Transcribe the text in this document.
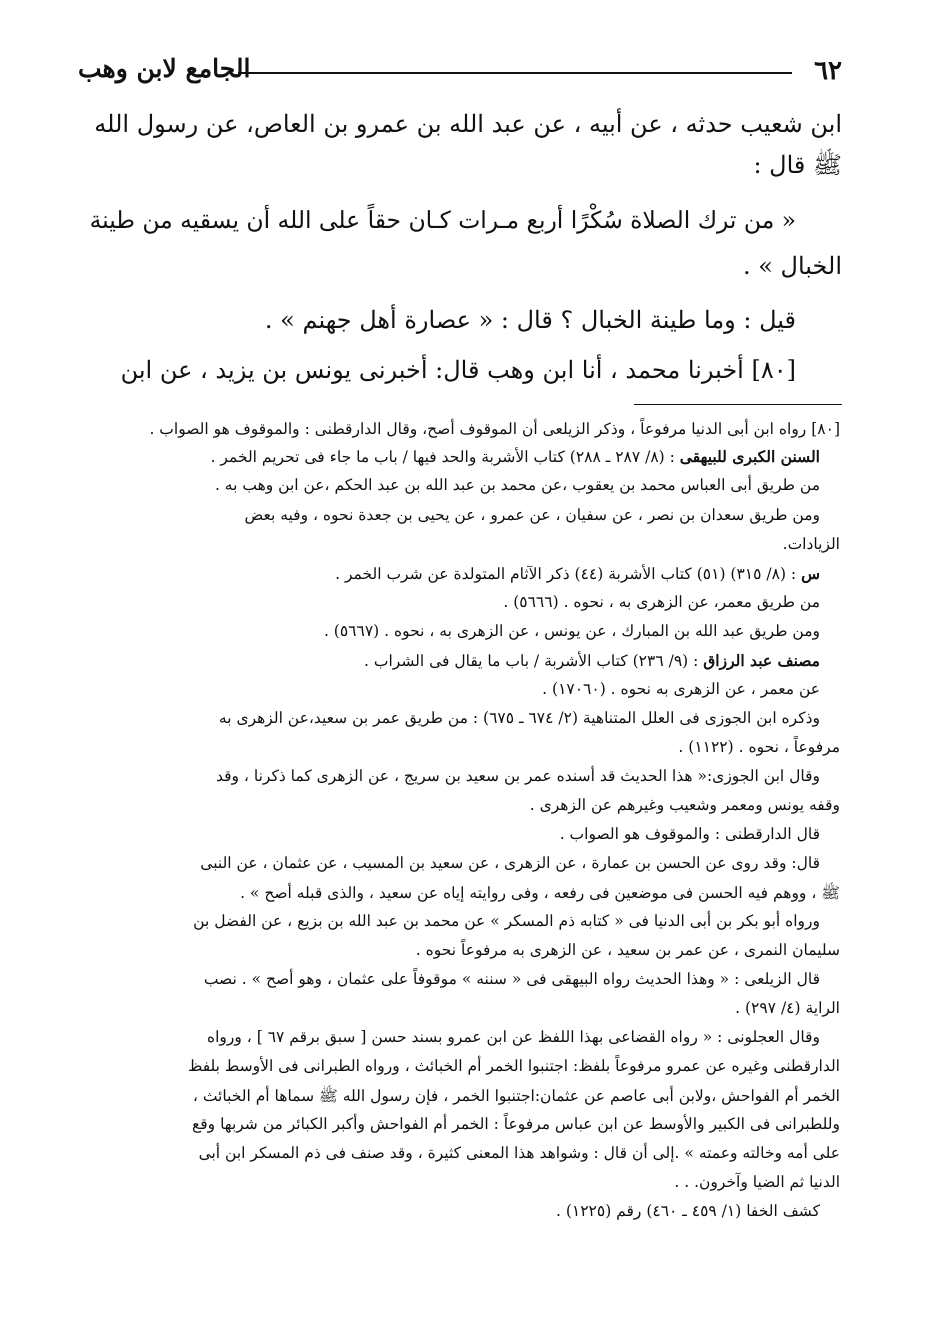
٦٢
الجامع لابن وهب
ابن شعيب حدثه ، عن أبيه ، عن عبد الله بن عمرو بن العاص، عن رسول الله
ﷺ قال :
« من ترك الصلاة سُكْرًا أربع مـرات كـان حقاً على الله أن يسقيه من طينة
الخبال » .
قيل : وما طينة الخبال ؟ قال : « عصارة أهل جهنم » .
[٨٠] أخبرنا محمد ، أنا ابن وهب قال: أخبرنى يونس بن يزيد ، عن ابن
[٨٠] رواه ابن أبى الدنيا مرفوعاً ، وذكر الزيلعى أن الموقوف أصح، وقال الدارقطنى : والموقوف هو الصواب .
السنن الكبرى للبيهقى : (٨/ ٢٨٧ ـ ٢٨٨) كتاب الأشربة والحد فيها / باب ما جاء فى تحريم الخمر .
من طريق أبى العباس محمد بن يعقوب ،عن محمد بن عبد الله بن عبد الحكم ،عن ابن وهب به .
ومن طريق سعدان بن نصر ، عن سفيان ، عن عمرو ، عن يحيى بن جعدة نحوه ، وفيه بعض
الزيادات.
س : (٨/ ٣١٥) (٥١) كتاب الأشربة (٤٤) ذكر الآثام المتولدة عن شرب الخمر .
من طريق معمر، عن الزهرى به ، نحوه . (٥٦٦٦) .
ومن طريق عبد الله بن المبارك ، عن يونس ، عن الزهرى به ، نحوه . (٥٦٦٧) .
مصنف عبد الرزاق : (٩/ ٢٣٦) كتاب الأشربة / باب ما يقال فى الشراب .
عن معمر ، عن الزهرى به نحوه . (١٧٠٦٠) .
وذكره ابن الجوزى فى العلل المتناهية (٢/ ٦٧٤ ـ ٦٧٥) : من طريق عمر بن سعيد،عن الزهرى به
مرفوعاً ، نحوه . (١١٢٢) .
وقال ابن الجوزى:« هذا الحديث قد أسنده عمر بن سعيد بن سريج ، عن الزهرى كما ذكرنا ، وقد
وقفه يونس ومعمر وشعيب وغيرهم عن الزهرى .
قال الدارقطنى : والموقوف هو الصواب .
قال: وقد روى عن الحسن بن عمارة ، عن الزهرى ، عن سعيد بن المسيب ، عن عثمان ، عن النبى
ﷺ ، ووهم فيه الحسن فى موضعين فى رفعه ، وفى روايته إياه عن سعيد ، والذى قبله أصح » .
ورواه أبو بكر بن أبى الدنيا فى « كتابه ذم المسكر » عن محمد بن عبد الله بن بزيع ، عن الفضل بن
سليمان النمرى ، عن عمر بن سعيد ، عن الزهرى به مرفوعاً نحوه .
قال الزيلعى : « وهذا الحديث رواه البيهقى فى « سننه » موقوفاً على عثمان ، وهو أصح » . نصب
الراية (٤/ ٢٩٧) .
وقال العجلونى : « رواه القضاعى بهذا اللفظ عن ابن عمرو بسند حسن [ سبق برقم ٦٧ ] ، ورواه
الدارقطنى وغيره عن عمرو مرفوعاً بلفظ: اجتنبوا الخمر أم الخبائث ، ورواه الطبرانى فى الأوسط بلفظ
الخمر أم الفواحش ،ولابن أبى عاصم عن عثمان:اجتنبوا الخمر ، فإن رسول الله ﷺ سماها أم الخبائث ،
وللطبرانى فى الكبير والأوسط عن ابن عباس مرفوعاً : الخمر أم الفواحش وأكبر الكبائر من شربها وقع
على أمه وخالته وعمته » .إلى أن قال : وشواهد هذا المعنى كثيرة ، وقد صنف فى ذم المسكر ابن أبى
الدنيا ثم الضيا وآخرون. . .
كشف الخفا (١/ ٤٥٩ ـ ٤٦٠) رقم (١٢٢٥) .
